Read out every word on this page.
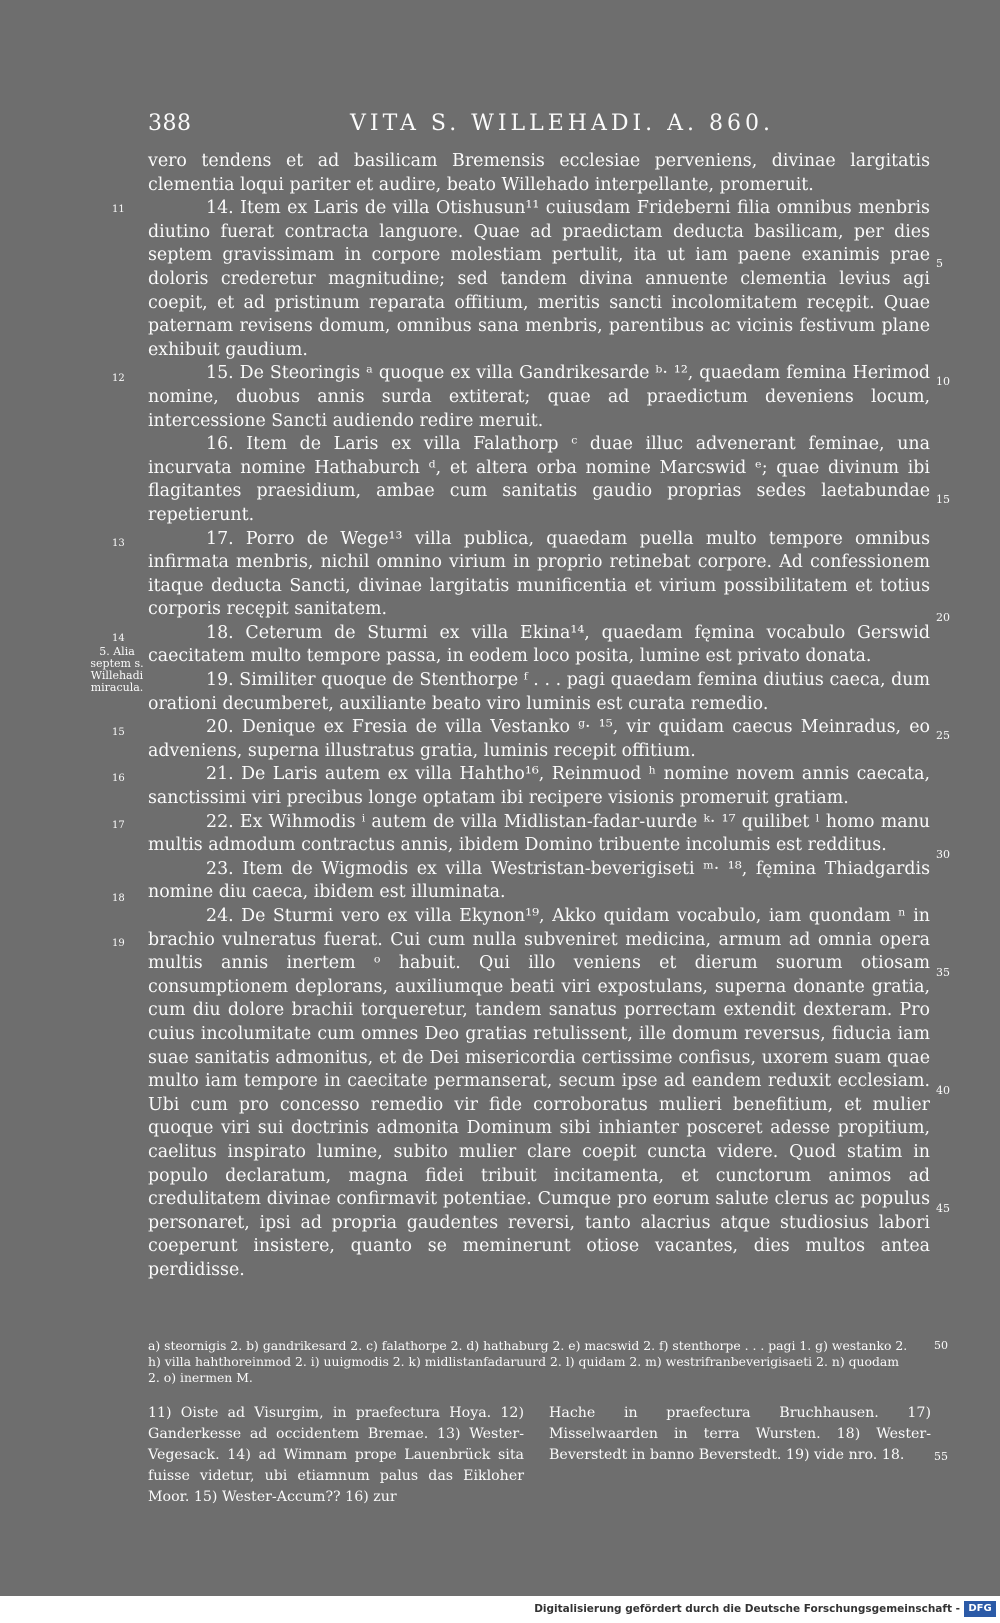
388	VITA S. WILLEHADI. A. 860.

vero tendens et ad basilicam Bremensis ecclesiae perveniens, divinae largitatis clementia loqui pariter et audire, beato Willehado interpellante, promeruit.

14. Item ex Laris de villa Otishusun¹¹ cuiusdam Frideberni filia omnibus menbris diutino fuerat contracta languore. Quae ad praedictam deducta basilicam, per dies septem gravissimam in corpore molestiam pertulit, ita ut iam paene exanimis prae doloris crederetur magnitudine; sed tandem divina annuente clementia levius agi coepit, et ad pristinum reparata offitium, meritis sancti incolomitatem recępit. Quae paternam revisens domum, omnibus sana menbris, parentibus ac vicinis festivum plane exhibuit gaudium.

15. De Steoringis ᵃ quoque ex villa Gandrikesarde ᵇ· ¹², quaedam femina Herimod nomine, duobus annis surda extiterat; quae ad praedictum deveniens locum, intercessione Sancti audiendo redire meruit.

16. Item de Laris ex villa Falathorp ᶜ duae illuc advenerant feminae, una incurvata nomine Hathaburch ᵈ, et altera orba nomine Marcswid ᵉ; quae divinum ibi flagitantes praesidium, ambae cum sanitatis gaudio proprias sedes laetabundae repetierunt.

17. Porro de Wege¹³ villa publica, quaedam puella multo tempore omnibus infirmata menbris, nichil omnino virium in proprio retinebat corpore. Ad confessionem itaque deducta Sancti, divinae largitatis munificentia et virium possibilitatem et totius corporis recępit sanitatem.

18. Ceterum de Sturmi ex villa Ekina¹⁴, quaedam fęmina vocabulo Gerswid caecitatem multo tempore passa, in eodem loco posita, lumine est privato donata.

19. Similiter quoque de Stenthorpe ᶠ . . . pagi quaedam femina diutius caeca, dum orationi decumberet, auxiliante beato viro luminis est curata remedio.

20. Denique ex Fresia de villa Vestanko ᵍ· ¹⁵, vir quidam caecus Meinradus, eo adveniens, superna illustratus gratia, luminis recepit offitium.

21. De Laris autem ex villa Hahtho¹⁶, Reinmuod ʰ nomine novem annis caecata, sanctissimi viri precibus longe optatam ibi recipere visionis promeruit gratiam.

22. Ex Wihmodis ⁱ autem de villa Midlistan-fadar-uurde ᵏ· ¹⁷ quilibet ˡ homo manu multis admodum contractus annis, ibidem Domino tribuente incolumis est redditus.

23. Item de Wigmodis ex villa Westristan-beverigiseti ᵐ· ¹⁸, fęmina Thiadgardis nomine diu caeca, ibidem est illuminata.

24. De Sturmi vero ex villa Ekynon¹⁹, Akko quidam vocabulo, iam quondam ⁿ in brachio vulneratus fuerat. Cui cum nulla subveniret medicina, armum ad omnia opera multis annis inertem ᵒ habuit. Qui illo veniens et dierum suorum otiosam consumptionem deplorans, auxiliumque beati viri expostulans, superna donante gratia, cum diu dolore brachii torqueretur, tandem sanatus porrectam extendit dexteram. Pro cuius incolumitate cum omnes Deo gratias retulissent, ille domum reversus, fiducia iam suae sanitatis admonitus, et de Dei misericordia certissime confisus, uxorem suam quae multo iam tempore in caecitate permanserat, secum ipse ad eandem reduxit ecclesiam. Ubi cum pro concesso remedio vir fide corroboratus mulieri benefitium, et mulier quoque viri sui doctrinis admonita Dominum sibi inhianter posceret adesse propitium, caelitus inspirato lumine, subito mulier clare coepit cuncta videre. Quod statim in populo declaratum, magna fidei tribuit incitamenta, et cunctorum animos ad credulitatem divinae confirmavit potentiae. Cumque pro eorum salute clerus ac populus personaret, ipsi ad propria gaudentes reversi, tanto alacrius atque studiosius labori coeperunt insistere, quanto se meminerunt otiose vacantes, dies multos antea perdidisse.

11
12
13
14
15
16
17
18
19
5. Alia septem s. Willehadi miracula.
5
10
15
20
25
30
35
40
45

a) steornigis 2. b) gandrikesard 2. c) falathorpe 2. d) hathaburg 2. e) macswid 2. f) stenthorpe . . . pagi 1. g) westanko 2. h) villa hahthoreinmod 2. i) uuigmodis 2. k) midlistanfadaruurd 2. l) quidam 2. m) westrifranbeverigisaeti 2. n) quodam 2. o) inermen M.

50

11) Oiste ad Visurgim, in praefectura Hoya. 12) Ganderkesse ad occidentem Bremae. 13) Wester-Vegesack. 14) ad Wimnam prope Lauenbrück sita fuisse videtur, ubi etiamnum palus das Eikloher Moor. 15) Wester-Accum?? 16) zur

Hache in praefectura Bruchhausen. 17) Misselwaarden in terra Wursten. 18) Wester-Beverstedt in banno Beverstedt. 19) vide nro. 18.	55
Digitalisierung gefördert durch die Deutsche Forschungsgemeinschaft - DFG
